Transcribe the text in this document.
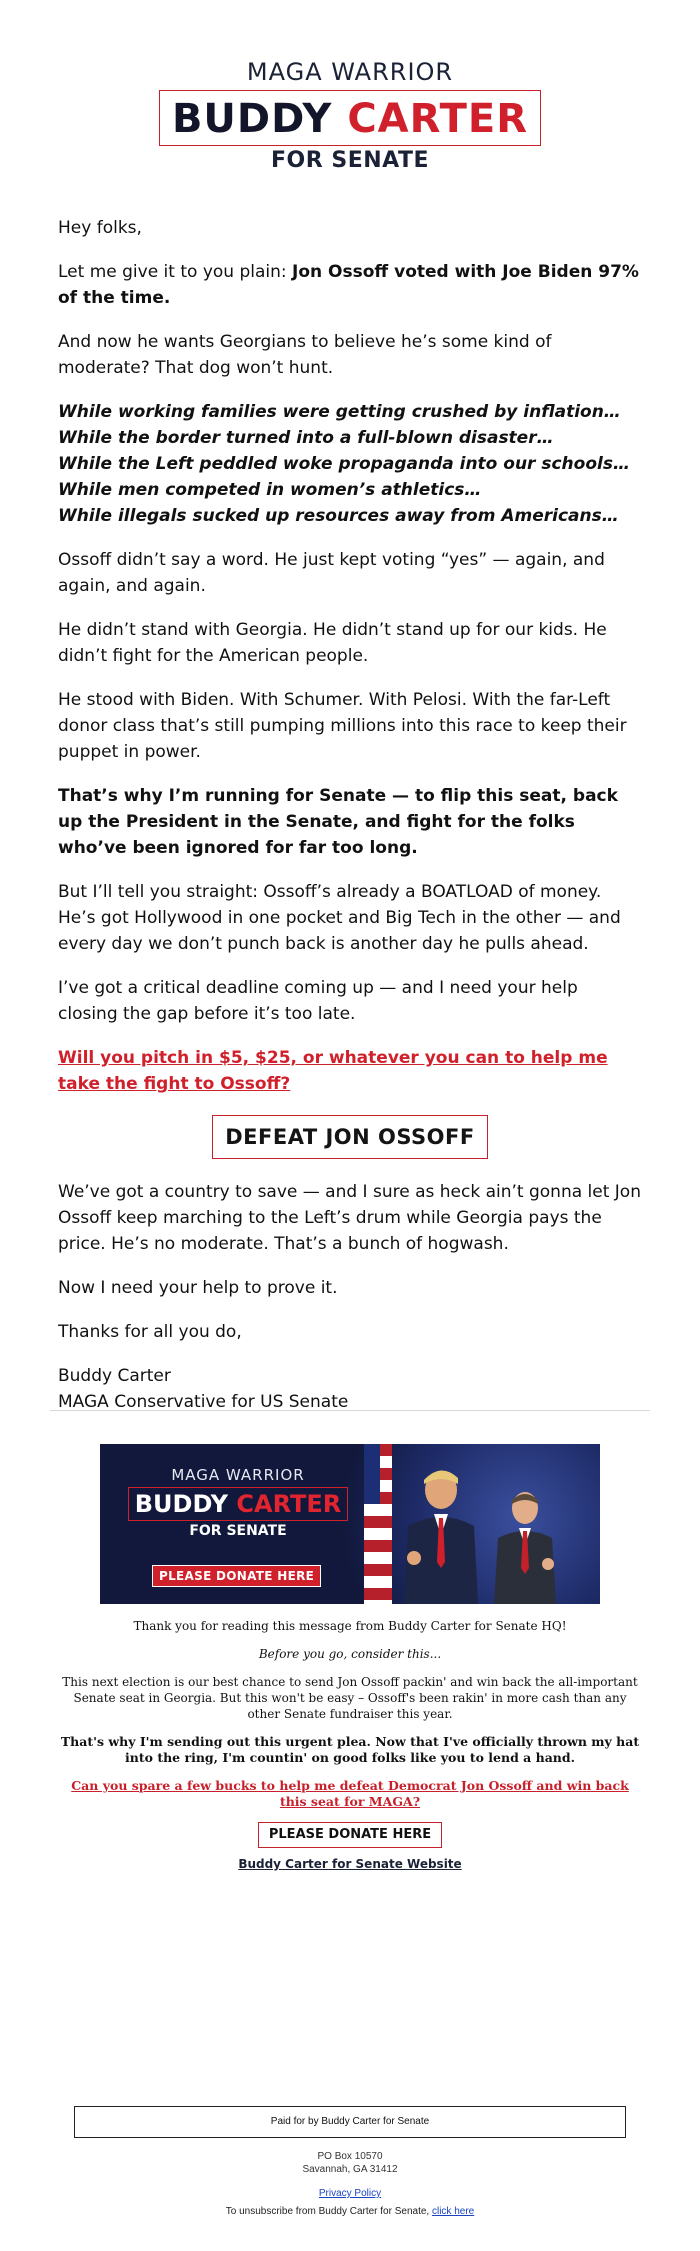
MAGA WARRIOR
BUDDY CARTER
FOR SENATE

Hey folks,

Let me give it to you plain: Jon Ossoff voted with Joe Biden 97% of the time.

And now he wants Georgians to believe he’s some kind of moderate? That dog won’t hunt.

While working families were getting crushed by inflation…
While the border turned into a full-blown disaster…
While the Left peddled woke propaganda into our schools…
While men competed in women’s athletics…
While illegals sucked up resources away from Americans…

Ossoff didn’t say a word. He just kept voting “yes” — again, and again, and again.

He didn’t stand with Georgia. He didn’t stand up for our kids. He didn’t fight for the American people.

He stood with Biden. With Schumer. With Pelosi. With the far-Left donor class that’s still pumping millions into this race to keep their puppet in power.

That’s why I’m running for Senate — to flip this seat, back up the President in the Senate, and fight for the folks who’ve been ignored for far too long.

But I’ll tell you straight: Ossoff’s already a BOATLOAD of money. He’s got Hollywood in one pocket and Big Tech in the other — and every day we don’t punch back is another day he pulls ahead.

I’ve got a critical deadline coming up — and I need your help closing the gap before it’s too late.

Will you pitch in $5, $25, or whatever you can to help me take the fight to Ossoff?

DEFEAT JON OSSOFF

We’ve got a country to save — and I sure as heck ain’t gonna let Jon Ossoff keep marching to the Left’s drum while Georgia pays the price. He’s no moderate. That’s a bunch of hogwash.

Now I need your help to prove it.

Thanks for all you do,

Buddy Carter
MAGA Conservative for US Senate

MAGA WARRIOR
BUDDY CARTER
FOR SENATE
PLEASE DONATE HERE

Thank you for reading this message from Buddy Carter for Senate HQ!

Before you go, consider this...

This next election is our best chance to send Jon Ossoff packin' and win back the all-important Senate seat in Georgia. But this won't be easy – Ossoff's been rakin' in more cash than any other Senate fundraiser this year.

That's why I'm sending out this urgent plea. Now that I've officially thrown my hat into the ring, I'm countin' on good folks like you to lend a hand.

Can you spare a few bucks to help me defeat Democrat Jon Ossoff and win back this seat for MAGA?

PLEASE DONATE HERE
Buddy Carter for Senate Website
Paid for by Buddy Carter for Senate
PO Box 10570
Savannah, GA 31412
Privacy Policy
To unsubscribe from Buddy Carter for Senate, click here
